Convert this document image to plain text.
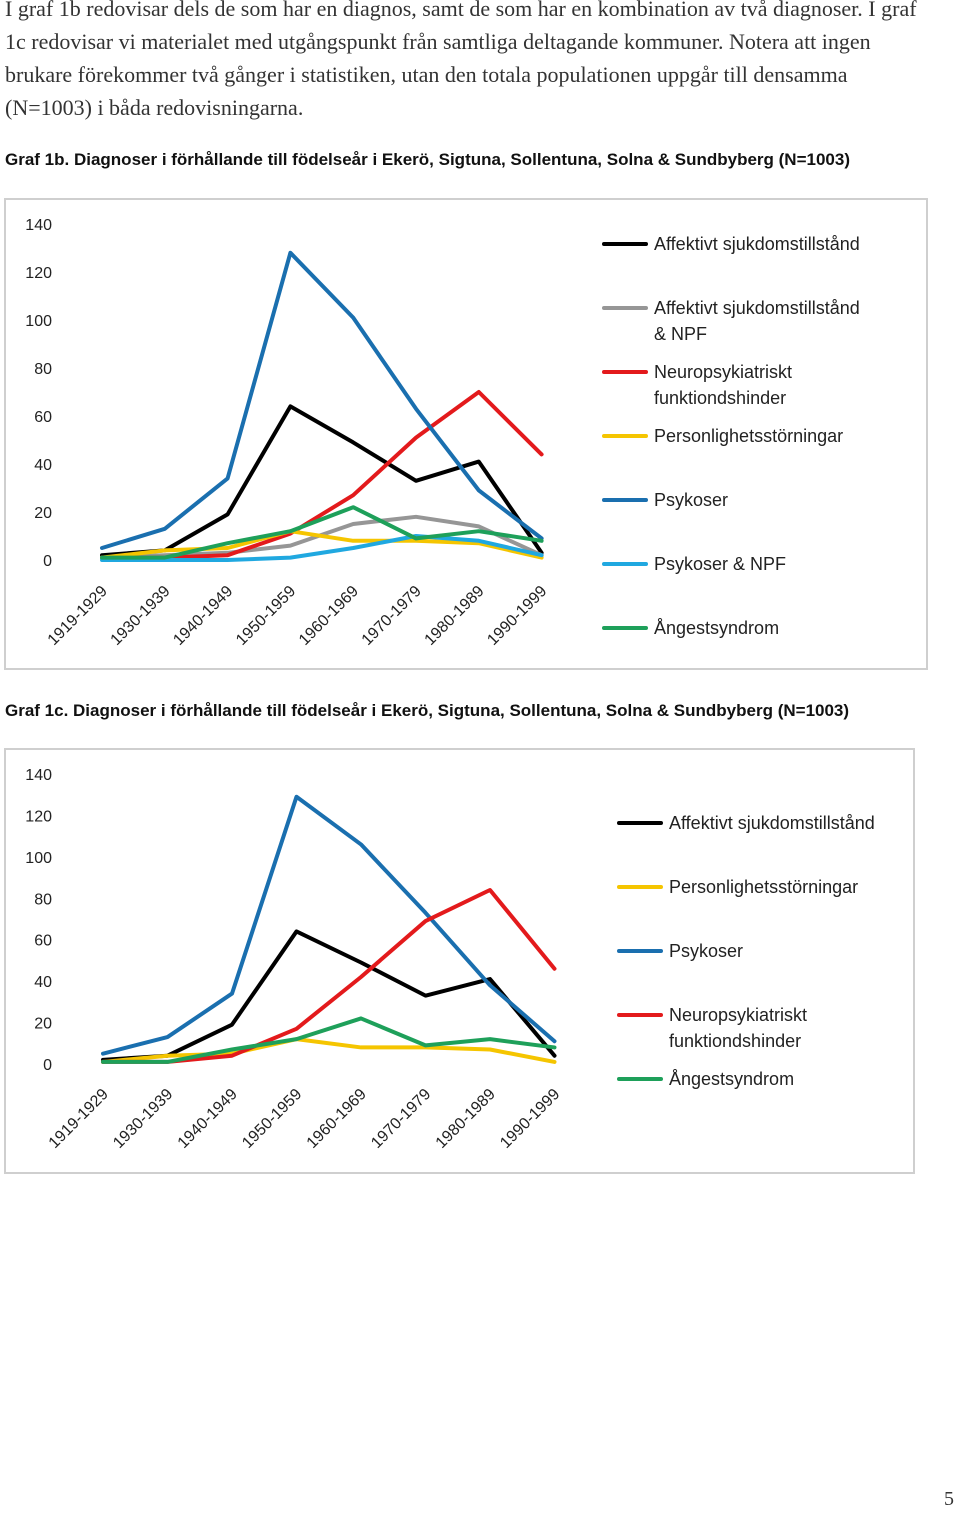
I graf 1b redovisar dels de som har en diagnos, samt de som har en kombination av två diagnoser. I graf 1c redovisar vi materialet med utgångspunkt från samtliga deltagande kommuner. Notera att ingen brukare förekommer två gånger i statistiken, utan den totala populationen uppgår till densamma (N=1003) i båda redovisningarna.
Graf 1b. Diagnoser i förhållande till födelseår i Ekerö, Sigtuna, Sollentuna, Solna & Sundbyberg (N=1003)
0
20
40
60
80
100
120
140
1919-1929
1930-1939
1940-1949
1950-1959
1960-1969
1970-1979
1980-1989
1990-1999
Affektivt sjukdomstillstånd
Affektivt sjukdomstillstånd
& NPF
Neuropsykiatriskt
funktiondshinder
Personlighetsstörningar
Psykoser
Psykoser & NPF
Ångestsyndrom
Graf 1c. Diagnoser i förhållande till födelseår i Ekerö, Sigtuna, Sollentuna, Solna & Sundbyberg (N=1003)
0
20
40
60
80
100
120
140
1919-1929
1930-1939
1940-1949
1950-1959
1960-1969
1970-1979
1980-1989
1990-1999
Affektivt sjukdomstillstånd
Personlighetsstörningar
Psykoser
Neuropsykiatriskt
funktiondshinder
Ångestsyndrom
5
